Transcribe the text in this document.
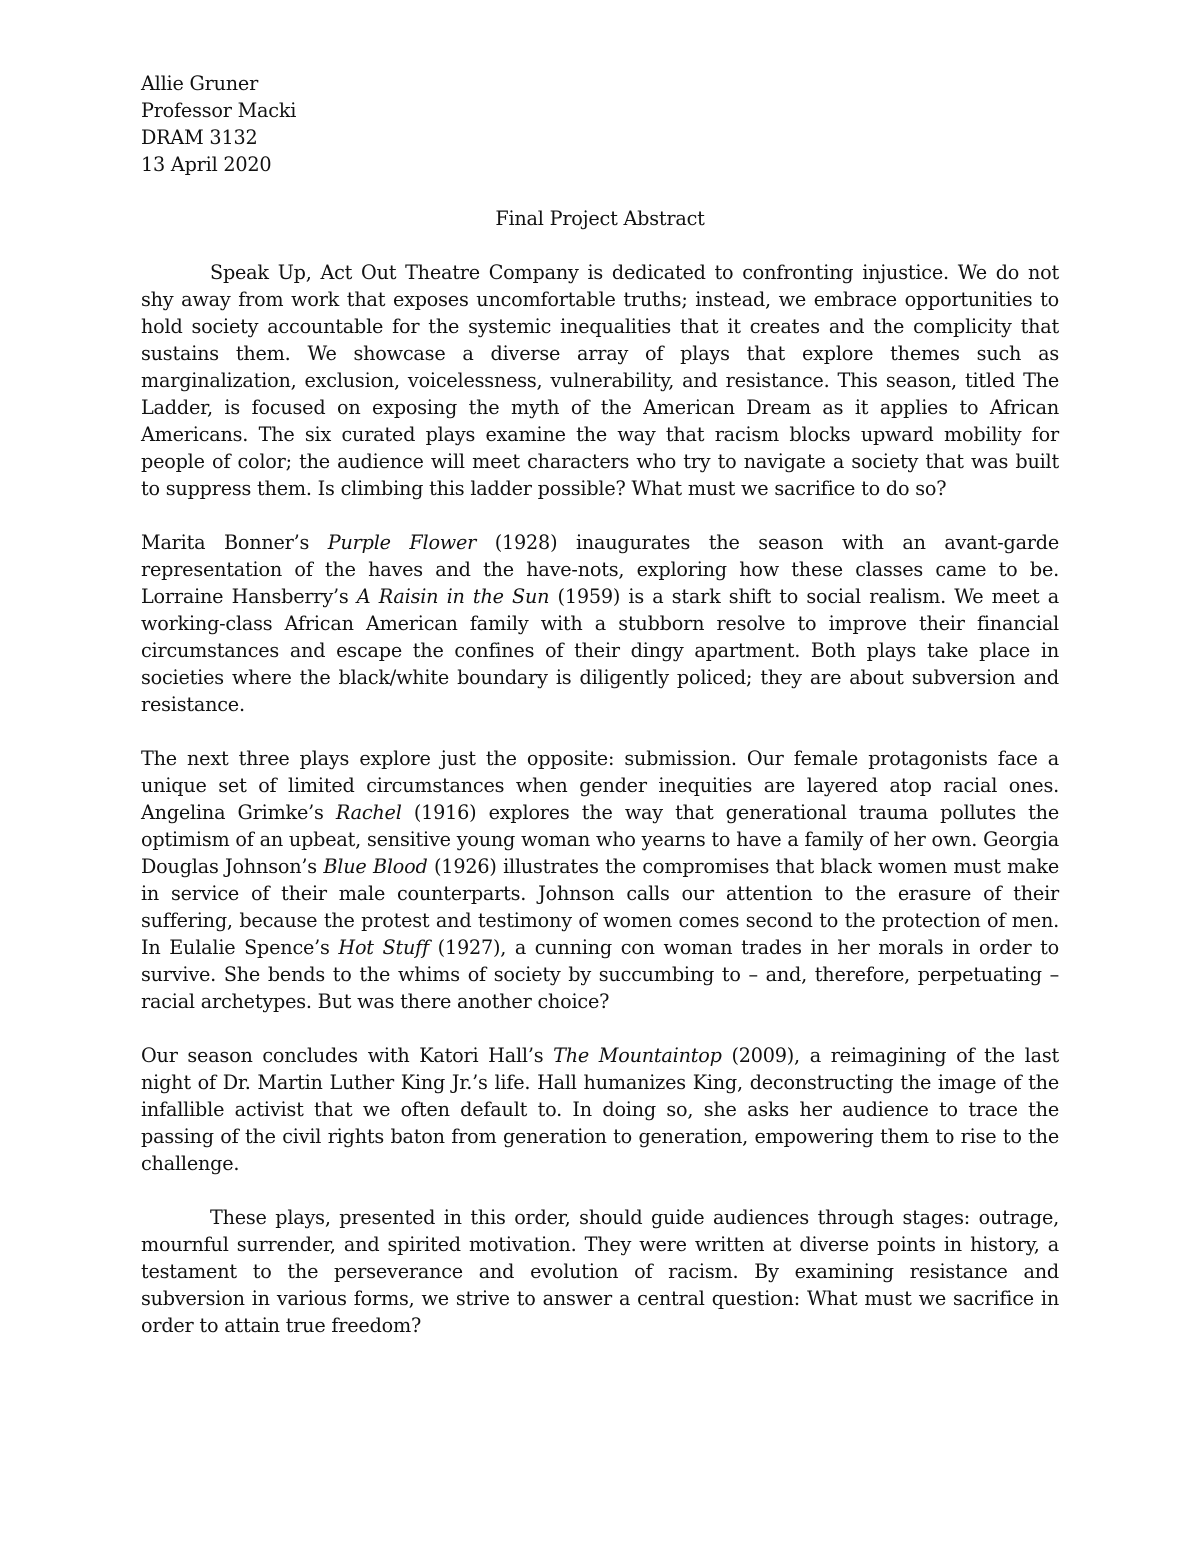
Allie Gruner
Professor Macki
DRAM 3132
13 April 2020
Final Project Abstract

Speak Up, Act Out Theatre Company is dedicated to confronting injustice. We do not shy away from work that exposes uncomfortable truths; instead, we embrace opportunities to hold society accountable for the systemic inequalities that it creates and the complicity that sustains them. We showcase a diverse array of plays that explore themes such as marginalization, exclusion, voicelessness, vulnerability, and resistance. This season, titled The Ladder, is focused on exposing the myth of the American Dream as it applies to African Americans. The six curated plays examine the way that racism blocks upward mobility for people of color; the audience will meet characters who try to navigate a society that was built to suppress them. Is climbing this ladder possible? What must we sacrifice to do so?

Marita Bonner’s Purple Flower (1928) inaugurates the season with an avant-garde representation of the haves and the have-nots, exploring how these classes came to be. Lorraine Hansberry’s A Raisin in the Sun (1959) is a stark shift to social realism. We meet a working-class African American family with a stubborn resolve to improve their financial circumstances and escape the confines of their dingy apartment. Both plays take place in societies where the black/white boundary is diligently policed; they are about subversion and resistance.

The next three plays explore just the opposite: submission. Our female protagonists face a unique set of limited circumstances when gender inequities are layered atop racial ones. Angelina Grimke’s Rachel (1916) explores the way that generational trauma pollutes the optimism of an upbeat, sensitive young woman who yearns to have a family of her own. Georgia Douglas Johnson’s Blue Blood (1926) illustrates the compromises that black women must make in service of their male counterparts. Johnson calls our attention to the erasure of their suffering, because the protest and testimony of women comes second to the protection of men. In Eulalie Spence’s Hot Stuff (1927), a cunning con woman trades in her morals in order to survive. She bends to the whims of society by succumbing to – and, therefore, perpetuating – racial archetypes. But was there another choice?

Our season concludes with Katori Hall’s The Mountaintop (2009), a reimagining of the last night of Dr. Martin Luther King Jr.’s life. Hall humanizes King, deconstructing the image of the infallible activist that we often default to. In doing so, she asks her audience to trace the passing of the civil rights baton from generation to generation, empowering them to rise to the challenge.

These plays, presented in this order, should guide audiences through stages: outrage, mournful surrender, and spirited motivation. They were written at diverse points in history, a testament to the perseverance and evolution of racism. By examining resistance and subversion in various forms, we strive to answer a central question: What must we sacrifice in order to attain true freedom?
